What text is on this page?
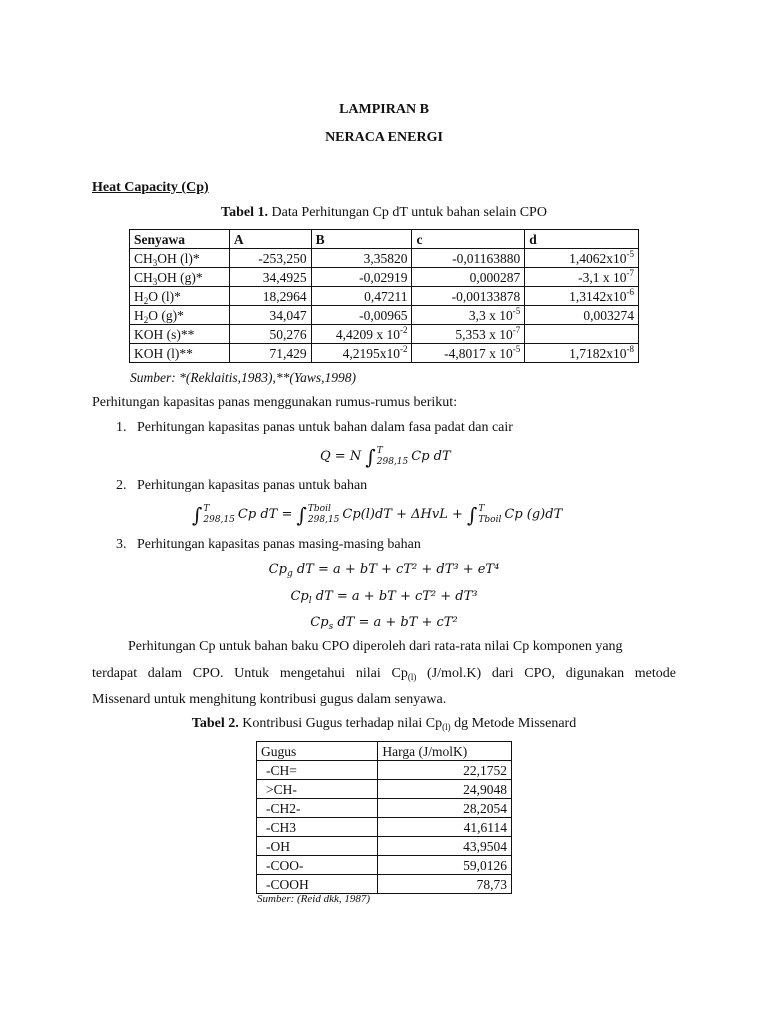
LAMPIRAN B
NERACA ENERGI
Heat Capacity (Cp)
Tabel 1. Data Perhitungan Cp dT untuk bahan selain CPO
Senyawa	A	B	c	d
$CH_3OH$ (l)*	-253,250	3,35820	-0,01163880	$1,4062x10^{-5}$
$CH_3OH$ (g)*	34,4925	-0,02919	0,000287	-3,1 x $10^{-7}$
$H_2O$ (l)*	18,2964	0,47211	-0,00133878	$1,3142x10^{-6}$
$H_2O$ (g)*	34,047	-0,00965	3,3 x $10^{-5}$	0,003274
KOH (s)**	50,276	4,4209 x $10^{-2}$	5,353 x $10^{-7}$	
KOH (l)**	71,429	$4,2195x10^{-2}$	-4,8017 x $10^{-5}$	$1,7182x10^{-8}$
Sumber: *(Reklaitis,1983),**(Yaws,1998)
Perhitungan kapasitas panas menggunakan rumus-rumus berikut:
1. Perhitungan kapasitas panas untuk bahan dalam fasa padat dan cair
Q = N ∫ T
298,15 Cp dT
2. Perhitungan kapasitas panas untuk bahan
∫ T
298,15 Cp dT = ∫ Tboil
298,15 Cp(l)dT + ΔHvL + ∫ T
Tboil Cp (g)dT
3. Perhitungan kapasitas panas masing-masing bahan
$Cp_g$ dT = a + bT + cT² + dT³ + eT⁴
$Cp_l$ dT = a + bT + cT² + dT³
$Cp_s$ dT = a + bT + cT²
Perhitungan Cp untuk bahan baku CPO diperoleh dari rata-rata nilai Cp komponen yang
terdapat dalam CPO. Untuk mengetahui nilai $Cp_{(l)}$ (J/mol.K) dari CPO, digunakan metode
Missenard untuk menghitung kontribusi gugus dalam senyawa.
Tabel 2. Kontribusi Gugus terhadap nilai $Cp_{(l)}$ dg Metode Missenard
Gugus	Harga (J/molK)
-CH=	22,1752
>CH-	24,9048
-CH2-	28,2054
-CH3	41,6114
-OH	43,9504
-COO-	59,0126
-COOH	78,73
Sumber: (Reid dkk, 1987)
